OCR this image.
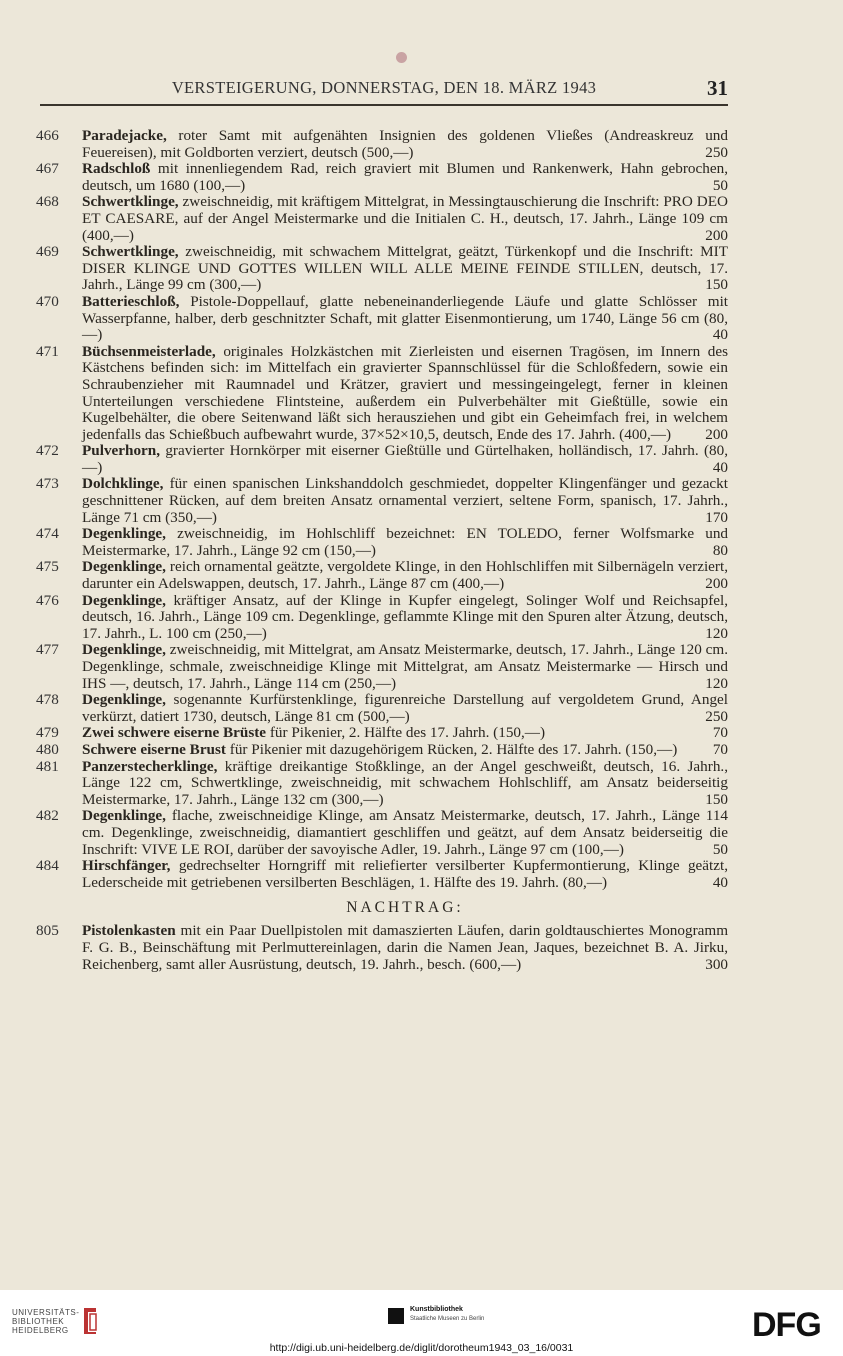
VERSTEIGERUNG, DONNERSTAG, DEN 18. MÄRZ 1943	31
466	Paradejacke, roter Samt mit aufgenähten Insignien des goldenen Vließes (Andreaskreuz und Feuereisen), mit Goldborten verziert, deutsch (500,—)	250
467	Radschloß mit innenliegendem Rad, reich graviert mit Blumen und Rankenwerk, Hahn gebrochen, deutsch, um 1680 (100,—)	50
468	Schwertklinge, zweischneidig, mit kräftigem Mittelgrat, in Messingtauschierung die Inschrift: PRO DEO ET CAESARE, auf der Angel Meistermarke und die Initialen C. H., deutsch, 17. Jahrh., Länge 109 cm (400,—)	200
469	Schwertklinge, zweischneidig, mit schwachem Mittelgrat, geätzt, Türkenkopf und die Inschrift: MIT DISER KLINGE UND GOTTES WILLEN WILL ALLE MEINE FEINDE STILLEN, deutsch, 17. Jahrh., Länge 99 cm (300,—)	150
470	Batterieschloß, Pistole-Doppellauf, glatte nebeneinanderliegende Läufe und glatte Schlösser mit Wasserpfanne, halber, derb geschnitzter Schaft, mit glatter Eisenmontierung, um 1740, Länge 56 cm (80,—)	40
471	Büchsenmeisterlade, originales Holzkästchen mit Zierleisten und eisernen Tragösen, im Innern des Kästchens befinden sich: im Mittelfach ein gravierter Spannschlüssel für die Schloßfedern, sowie ein Schraubenzieher mit Raumnadel und Krätzer, graviert und messingeingelegt, ferner in kleinen Unterteilungen verschiedene Flintsteine, außerdem ein Pulverbehälter mit Gießtülle, sowie ein Kugelbehälter, die obere Seitenwand läßt sich herausziehen und gibt ein Geheimfach frei, in welchem jedenfalls das Schießbuch aufbewahrt wurde, 37×52×10,5, deutsch, Ende des 17. Jahrh. (400,—) 200
472	Pulverhorn, gravierter Hornkörper mit eiserner Gießtülle und Gürtelhaken, holländisch, 17. Jahrh. (80,—)	40
473	Dolchklinge, für einen spanischen Linkshanddolch geschmiedet, doppelter Klingenfänger und gezackt geschnittener Rücken, auf dem breiten Ansatz ornamental verziert, seltene Form, spanisch, 17. Jahrh., Länge 71 cm (350,—)	170
474	Degenklinge, zweischneidig, im Hohlschliff bezeichnet: EN TOLEDO, ferner Wolfsmarke und Meistermarke, 17. Jahrh., Länge 92 cm (150,—)	80
475	Degenklinge, reich ornamental geätzte, vergoldete Klinge, in den Hohlschliffen mit Silbernägeln verziert, darunter ein Adelswappen, deutsch, 17. Jahrh., Länge 87 cm (400,—)	200
476	Degenklinge, kräftiger Ansatz, auf der Klinge in Kupfer eingelegt, Solinger Wolf und Reichsapfel, deutsch, 16. Jahrh., Länge 109 cm. Degenklinge, geflammte Klinge mit den Spuren alter Ätzung, deutsch, 17. Jahrh., L. 100 cm (250,—)	120
477	Degenklinge, zweischneidig, mit Mittelgrat, am Ansatz Meistermarke, deutsch, 17. Jahrh., Länge 120 cm. Degenklinge, schmale, zweischneidige Klinge mit Mittelgrat, am Ansatz Meistermarke — Hirsch und IHS —, deutsch, 17. Jahrh., Länge 114 cm (250,—)	120
478	Degenklinge, sogenannte Kurfürstenklinge, figurenreiche Darstellung auf vergoldetem Grund, Angel verkürzt, datiert 1730, deutsch, Länge 81 cm (500,—)	250
479	Zwei schwere eiserne Brüste für Pikenier, 2. Hälfte des 17. Jahrh. (150,—)	70
480	Schwere eiserne Brust für Pikenier mit dazugehörigem Rücken, 2. Hälfte des 17. Jahrh. (150,—) 70
481	Panzerstecherklinge, kräftige dreikantige Stoßklinge, an der Angel geschweißt, deutsch, 16. Jahrh., Länge 122 cm, Schwertklinge, zweischneidig, mit schwachem Hohlschliff, am Ansatz beiderseitig Meistermarke, 17. Jahrh., Länge 132 cm (300,—)	150
482	Degenklinge, flache, zweischneidige Klinge, am Ansatz Meistermarke, deutsch, 17. Jahrh., Länge 114 cm. Degenklinge, zweischneidig, diamantiert geschliffen und geätzt, auf dem Ansatz beiderseitig die Inschrift: VIVE LE ROI, darüber der savoyische Adler, 19. Jahrh., Länge 97 cm (100,—)	50
484	Hirschfänger, gedrechselter Horngriff mit reliefierter versilberter Kupfermontierung, Klinge geätzt, Lederscheide mit getriebenen versilberten Beschlägen, 1. Hälfte des 19. Jahrh. (80,—)	40
NACHTRAG:
805	Pistolenkasten mit ein Paar Duellpistolen mit damaszierten Läufen, darin goldtauschiertes Monogramm F. G. B., Beinschäftung mit Perlmuttereinlagen, darin die Namen Jean, Jaques, bezeichnet B. A. Jirku, Reichenberg, samt aller Ausrüstung, deutsch, 19. Jahrh., besch. (600,—)	300
UNIVERSITÄTS-
BIBLIOTHEK
HEIDELBERG
Kunstbibliothek
Staatliche Museen zu Berlin	DFG
http://digi.ub.uni-heidelberg.de/diglit/dorotheum1943_03_16/0031
